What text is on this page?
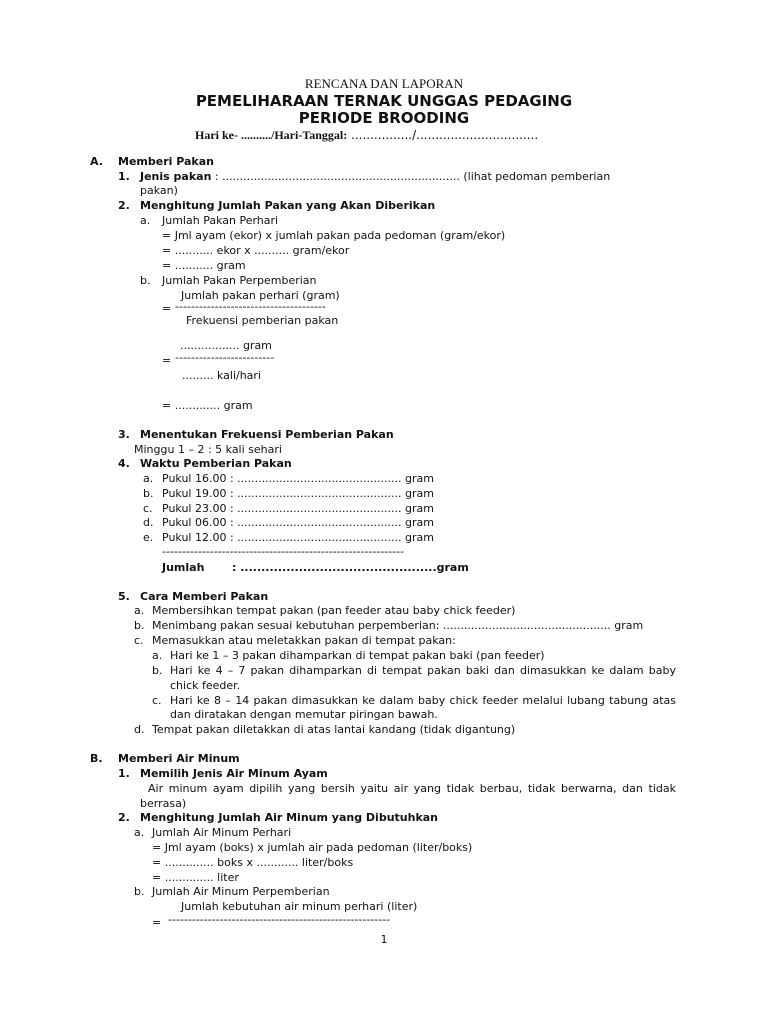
RENCANA DAN LAPORAN
PEMELIHARAAN TERNAK UNGGAS PEDAGING
PERIODE BROODING
Hari ke- ........../Hari-Tanggal: ................/................................
A. Memberi Pakan
1. Jenis pakan : .................................................................... (lihat pedoman pemberian
pakan)
2. Menghitung Jumlah Pakan yang Akan Diberikan
a. Jumlah Pakan Perhari
= Jml ayam (ekor) x jumlah pakan pada pedoman (gram/ekor)
= ........... ekor x .......... gram/ekor
= ........... gram
b. Jumlah Pakan Perpemberian
Jumlah pakan perhari (gram)
= --------------------------------------
Frekuensi pemberian pakan
................. gram
= -------------------------
......... kali/hari
= ............. gram
3. Menentukan Frekuensi Pemberian Pakan
Minggu 1 – 2 : 5 kali sehari
4. Waktu Pemberian Pakan
a. Pukul 16.00 : ............................................... gram
b. Pukul 19.00 : ............................................... gram
c. Pukul 23.00 : ............................................... gram
d. Pukul 06.00 : ............................................... gram
e. Pukul 12.00 : ............................................... gram
-------------------------------------------------------------
Jumlah	: ...............................................gram
5. Cara Memberi Pakan
a. Membersihkan tempat pakan (pan feeder atau baby chick feeder)
b. Menimbang pakan sesuai kebutuhan perpemberian: ................................................ gram
c. Memasukkan atau meletakkan pakan di tempat pakan:
a. Hari ke 1 – 3 pakan dihamparkan di tempat pakan baki (pan feeder)
b. Hari ke 4 – 7 pakan dihamparkan di tempat pakan baki dan dimasukkan ke dalam baby
chick feeder.
c. Hari ke 8 – 14 pakan dimasukkan ke dalam baby chick feeder melalui lubang tabung atas
dan diratakan dengan memutar piringan bawah.
d. Tempat pakan diletakkan di atas lantai kandang (tidak digantung)
B. Memberi Air Minum
1. Memilih Jenis Air Minum Ayam
Air minum ayam dipilih yang bersih yaitu air yang tidak berbau, tidak berwarna, dan tidak
berrasa)
2. Menghitung Jumlah Air Minum yang Dibutuhkan
a. Jumlah Air Minum Perhari
= Jml ayam (boks) x jumlah air pada pedoman (liter/boks)
= .............. boks x ............ liter/boks
= .............. liter
b. Jumlah Air Minum Perpemberian
Jumlah kebutuhan air minum perhari (liter)
= --------------------------------------------------------
1
